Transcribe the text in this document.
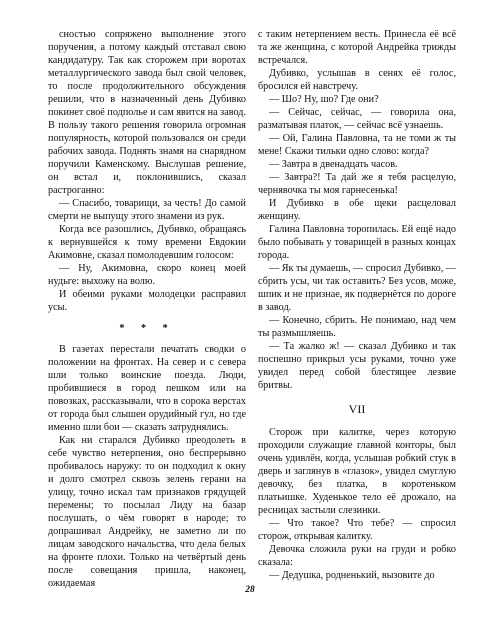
сностью сопряжено выполнение этого поручения, а потому каждый отставал свою кандидатуру. Так как сторожем при воротах металлургического завода был свой человек, то после продолжительного обсуждения решили, что в назначенный день Дубивко покинет своё подполье и сам явится на завод. В пользу такого решения говорила огромная популярность, которой пользовался он среди рабочих завода. Поднять знамя на снарядном поручили Каменскому. Выслушав решение, он встал и, поклонившись, сказал растроганно:

— Спасибо, товарищи, за честь! До самой смерти не выпущу этого знамени из рук.

Когда все разошлись, Дубивко, обращаясь к вернувшейся к тому времени Евдокии Акимовне, сказал помолодевшим голосом:

— Ну, Акимовна, скоро конец моей нудьге: выхожу на волю.

И обеими руками молодецки расправил усы.

* * *

В газетах перестали печатать сводки о положении на фронтах. На север и с севера шли только воинские поезда. Люди, пробившиеся в город пешком или на повозках, рассказывали, что в сорока верстах от города был слышен орудийный гул, но где именно шли бои — сказать затруднялись.

Как ни старался Дубивко преодолеть в себе чувство нетерпения, оно беспрерывно пробивалось наружу: то он подходил к окну и долго смотрел сквозь зелень герани на улицу, точно искал там признаков грядущей перемены; то посылал Лиду на базар послушать, о чём говорят в народе; то допрашивал Андрейку, не заметно ли по лицам заводского начальства, что дела белых на фронте плохи. Только на четвёртый день после совещания пришла, наконец, ожидаемая

с таким нетерпением весть. Принесла её всё та же женщина, с которой Андрейка трижды встречался.

Дубивко, услышав в сенях её голос, бросился ей навстречу.

— Шо? Ну, шо? Где они?

— Сейчас, сейчас, — говорила она, разматывая платок, — сейчас всё узнаешь.

— Ой, Галина Павловна, та не томи ж ты мене! Скажи тильки одно слово: когда?

— Завтра в двенадцать часов.

— Завтра?! Та дай же я тебя расцелую, чернявочка ты моя гарнесенька!

И Дубивко в обе щеки расцеловал женщину.

Галина Павловна торопилась. Ей ещё надо было побывать у товарищей в разных концах города.

— Як ты думаешь, — спросил Дубивко, — сбрить усы, чи так оставить? Без усов, може, шпик и не признае, як подвернётся по дороге в завод.

— Конечно, сбрить. Не понимаю, над чем ты размышляешь.

— Та жалко ж! — сказал Дубивко и так поспешно прикрыл усы руками, точно уже увидел перед собой блестящее лезвие бритвы.

VII

Сторож при калитке, через которую проходили служащие главной конторы, был очень удивлён, когда, услышав робкий стук в дверь и заглянув в «глазок», увидел смуглую девочку, без платка, в коротеньком платьишке. Худенькое тело её дрожало, на ресницах застыли слезинки.

— Что такое? Что тебе? — спросил сторож, открывая калитку.

Девочка сложила руки на груди и робко сказала:

— Дедушка, родненький, вызовите до

28
